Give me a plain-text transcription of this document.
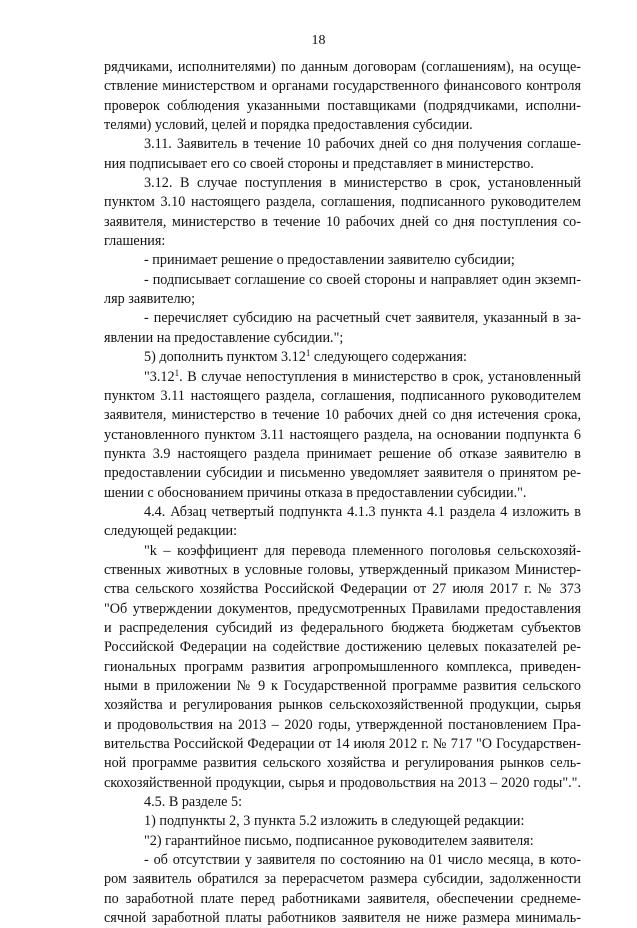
18
рядчиками, исполнителями) по данным договорам (соглашениям), на осуще-
ствление министерством и органами государственного финансового контроля
проверок соблюдения указанными поставщиками (подрядчиками, исполни-
телями) условий, целей и порядка предоставления субсидии.
3.11. Заявитель в течение 10 рабочих дней со дня получения соглаше-
ния подписывает его со своей стороны и представляет в министерство.
3.12. В случае поступления в министерство в срок, установленный
пунктом 3.10 настоящего раздела, соглашения, подписанного руководителем
заявителя, министерство в течение 10 рабочих дней со дня поступления со-
глашения:
- принимает решение о предоставлении заявителю субсидии;
- подписывает соглашение со своей стороны и направляет один экземп-
ляр заявителю;
- перечисляет субсидию на расчетный счет заявителя, указанный в за-
явлении на предоставление субсидии.";
5) дополнить пунктом 3.12$^1$ следующего содержания:
"3.12$^1$. В случае непоступления в министерство в срок, установленный
пунктом 3.11 настоящего раздела, соглашения, подписанного руководителем
заявителя, министерство в течение 10 рабочих дней со дня истечения срока,
установленного пунктом 3.11 настоящего раздела, на основании подпункта 6
пункта 3.9 настоящего раздела принимает решение об отказе заявителю в
предоставлении субсидии и письменно уведомляет заявителя о принятом ре-
шении с обоснованием причины отказа в предоставлении субсидии.".
4.4. Абзац четвертый подпункта 4.1.3 пункта 4.1 раздела 4 изложить в
следующей редакции:
"k – коэффициент для перевода племенного поголовья сельскохозяй-
ственных животных в условные головы, утвержденный приказом Министер-
ства сельского хозяйства Российской Федерации от 27 июля 2017 г. № 373
"Об утверждении документов, предусмотренных Правилами предоставления
и распределения субсидий из федерального бюджета бюджетам субъектов
Российской Федерации на содействие достижению целевых показателей ре-
гиональных программ развития агропромышленного комплекса, приведен-
ными в приложении № 9 к Государственной программе развития сельского
хозяйства и регулирования рынков сельскохозяйственной продукции, сырья
и продовольствия на 2013 – 2020 годы, утвержденной постановлением Пра-
вительства Российской Федерации от 14 июля 2012 г. № 717 "О Государствен-
ной программе развития сельского хозяйства и регулирования рынков сель-
скохозяйственной продукции, сырья и продовольствия на 2013 – 2020 годы".".
4.5. В разделе 5:
1) подпункты 2, 3 пункта 5.2 изложить в следующей редакции:
"2) гарантийное письмо, подписанное руководителем заявителя:
- об отсутствии у заявителя по состоянию на 01 число месяца, в кото-
ром заявитель обратился за перерасчетом размера субсидии, задолженности
по заработной плате перед работниками заявителя, обеспечении среднеме-
сячной заработной платы работников заявителя не ниже размера минималь-
